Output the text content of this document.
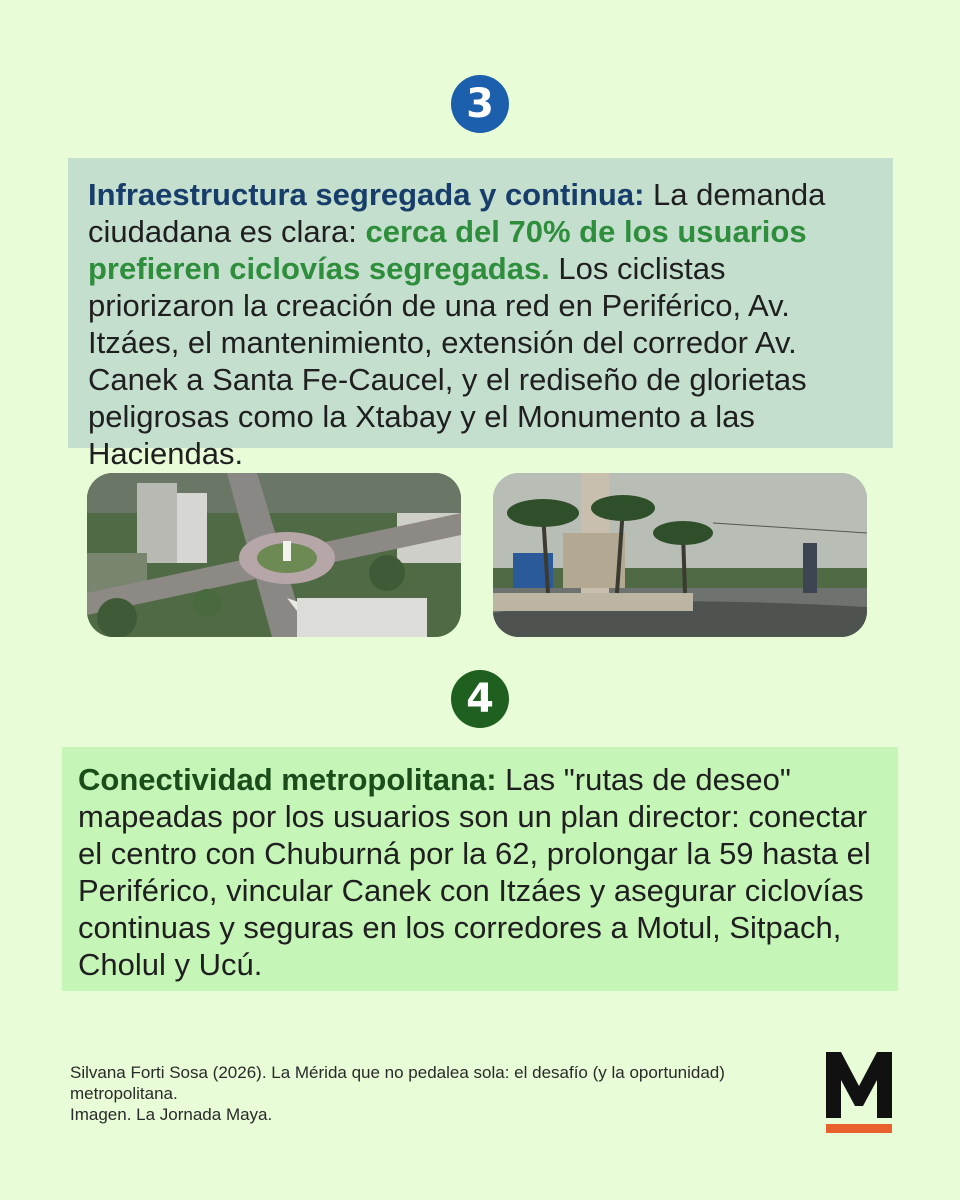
3
Infraestructura segregada y continua: La demanda ciudadana es clara: cerca del 70% de los usuarios prefieren ciclovías segregadas. Los ciclistas priorizaron la creación de una red en Periférico, Av. Itzáes, el mantenimiento, extensión del corredor Av. Canek a Santa Fe-Caucel, y el rediseño de glorietas peligrosas como la Xtabay y el Monumento a las Haciendas.
4
Conectividad metropolitana: Las "rutas de deseo" mapeadas por los usuarios son un plan director: conectar el centro con Chuburná por la 62, prolongar la 59 hasta el Periférico, vincular Canek con Itzáes y asegurar ciclovías continuas y seguras en los corredores a Motul, Sitpach, Cholul y Ucú.
Silvana Forti Sosa (2026). La Mérida que no pedalea sola: el desafío (y la oportunidad) metropolitana.
Imagen. La Jornada Maya.
